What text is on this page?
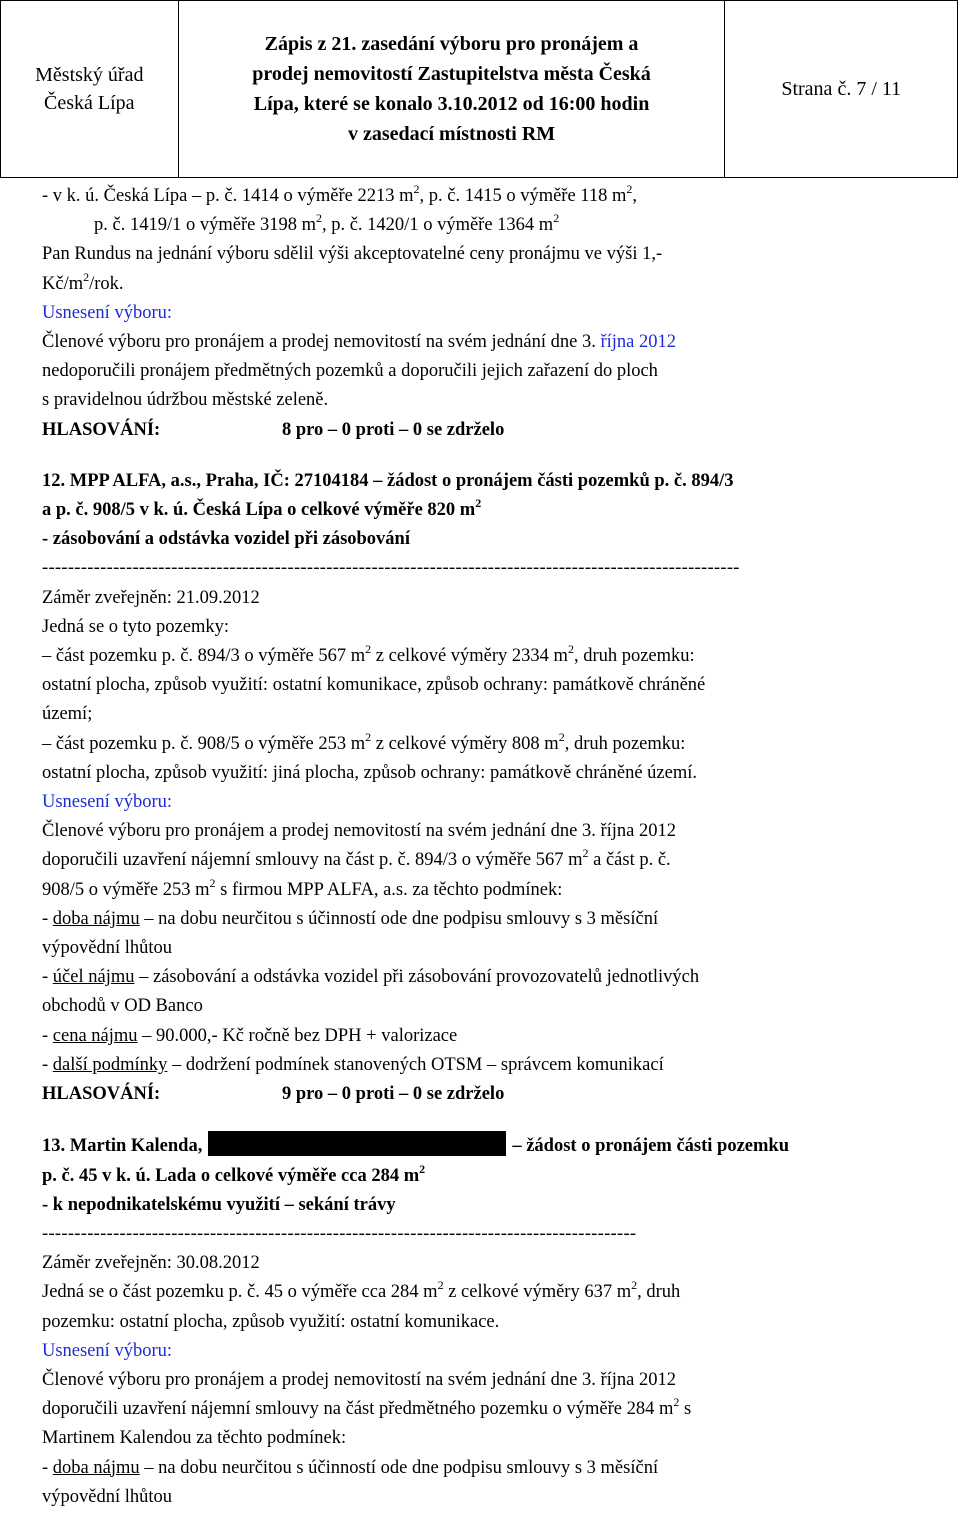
Městský úřad
Česká Lípa
Zápis z 21. zasedání výboru pro pronájem a
prodej nemovitostí Zastupitelstva města Česká
Lípa, které se konalo 3.10.2012 od 16:00 hodin
v zasedací místnosti RM
Strana č. 7 / 11
- v k. ú. Česká Lípa – p. č. 1414 o výměře 2213 $m^2$, p. č. 1415 o výměře 118 $m^2$,
p. č. 1419/1 o výměře 3198 $m^2$, p. č. 1420/1 o výměře 1364 $m^2$
Pan Rundus na jednání výboru sdělil výši akceptovatelné ceny pronájmu ve výši 1,-
$Kč/m^2$/rok.
Usnesení výboru:
Členové výboru pro pronájem a prodej nemovitostí na svém jednání dne 3. října 2012
nedoporučili pronájem předmětných pozemků a doporučili jejich zařazení do ploch
s pravidelnou údržbou městské zeleně.
HLASOVÁNÍ:	8 pro – 0 proti – 0 se zdrželo
12. MPP ALFA, a.s., Praha, IČ: 27104184 – žádost o pronájem části pozemků p. č. 894/3
a p. č. 908/5 v k. ú. Česká Lípa o celkové výměře 820 $m^2$
- zásobování a odstávka vozidel při zásobování
------------------------------------------------------------------------------------------------------------
Záměr zveřejněn: 21.09.2012
Jedná se o tyto pozemky:
– část pozemku p. č. 894/3 o výměře 567 $m^2$ z celkové výměry 2334 $m^2$, druh pozemku:
ostatní plocha, způsob využití: ostatní komunikace, způsob ochrany: památkově chráněné
území;
– část pozemku p. č. 908/5 o výměře 253 $m^2$ z celkové výměry 808 $m^2$, druh pozemku:
ostatní plocha, způsob využití: jiná plocha, způsob ochrany: památkově chráněné území.
Usnesení výboru:
Členové výboru pro pronájem a prodej nemovitostí na svém jednání dne 3. října 2012
doporučili uzavření nájemní smlouvy na část p. č. 894/3 o výměře 567 $m^2$ a část p. č.
908/5 o výměře 253 $m^2$ s firmou MPP ALFA, a.s. za těchto podmínek:
- doba nájmu – na dobu neurčitou s účinností ode dne podpisu smlouvy s 3 měsíční
výpovědní lhůtou
- účel nájmu – zásobování a odstávka vozidel při zásobování provozovatelů jednotlivých
obchodů v OD Banco
- cena nájmu – 90.000,- Kč ročně bez DPH + valorizace
- další podmínky – dodržení podmínek stanovených OTSM – správcem komunikací
HLASOVÁNÍ:	9 pro – 0 proti – 0 se zdrželo
13. Martin Kalenda,	– žádost o pronájem části pozemku
p. č. 45 v k. ú. Lada o celkové výměře cca 284 $m^2$
- k nepodnikatelskému využití – sekání trávy
--------------------------------------------------------------------------------------------
Záměr zveřejněn: 30.08.2012
Jedná se o část pozemku p. č. 45 o výměře cca 284 $m^2$ z celkové výměry 637 $m^2$, druh
pozemku: ostatní plocha, způsob využití: ostatní komunikace.
Usnesení výboru:
Členové výboru pro pronájem a prodej nemovitostí na svém jednání dne 3. října 2012
doporučili uzavření nájemní smlouvy na část předmětného pozemku o výměře 284 $m^2$ s
Martinem Kalendou za těchto podmínek:
- doba nájmu – na dobu neurčitou s účinností ode dne podpisu smlouvy s 3 měsíční
výpovědní lhůtou
